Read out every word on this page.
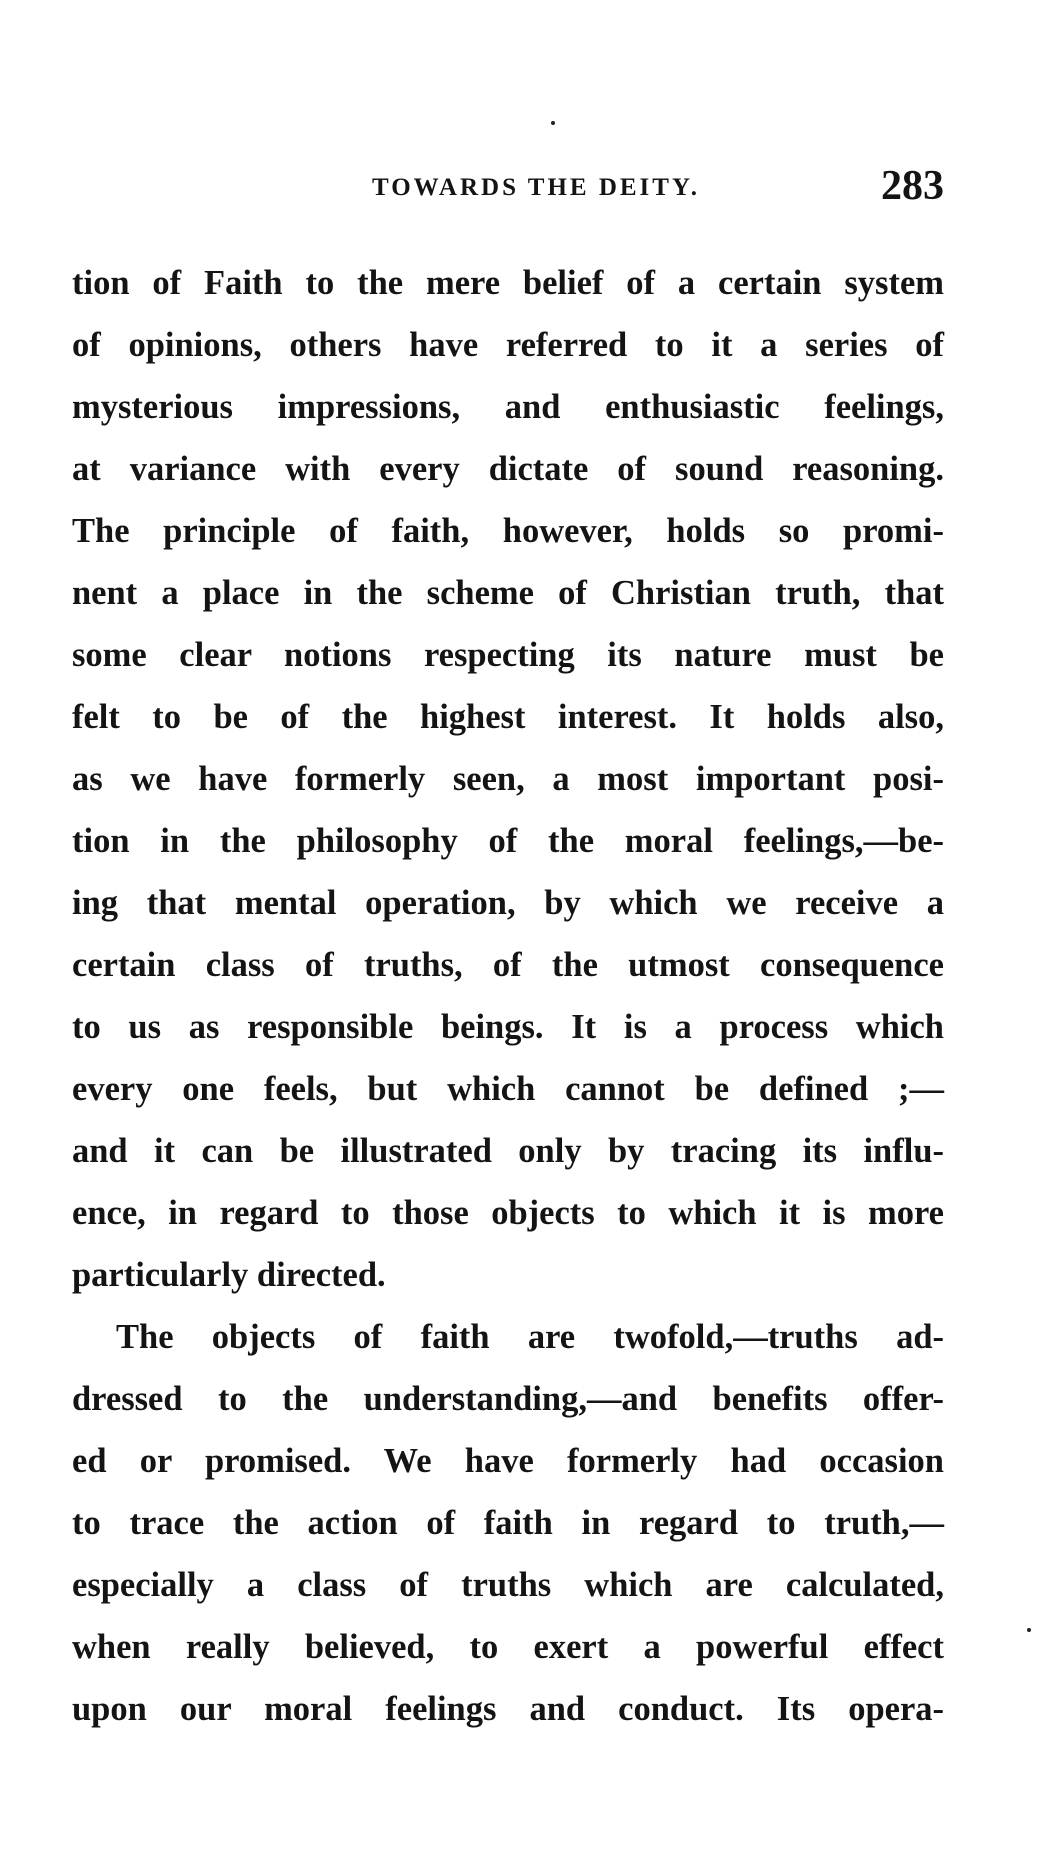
TOWARDS THE DEITY.	283
tion of Faith to the mere belief of a certain system
of opinions, others have referred to it a series of
mysterious impressions, and enthusiastic feelings,
at variance with every dictate of sound reasoning.
The principle of faith, however, holds so promi-
nent a place in the scheme of Christian truth, that
some clear notions respecting its nature must be
felt to be of the highest interest. It holds also,
as we have formerly seen, a most important posi-
tion in the philosophy of the moral feelings,—be-
ing that mental operation, by which we receive a
certain class of truths, of the utmost consequence
to us as responsible beings. It is a process which
every one feels, but which cannot be defined ;—
and it can be illustrated only by tracing its influ-
ence, in regard to those objects to which it is more
particularly directed.
The objects of faith are twofold,—truths ad-
dressed to the understanding,—and benefits offer-
ed or promised. We have formerly had occasion
to trace the action of faith in regard to truth,—
especially a class of truths which are calculated,
when really believed, to exert a powerful effect
upon our moral feelings and conduct. Its opera-
